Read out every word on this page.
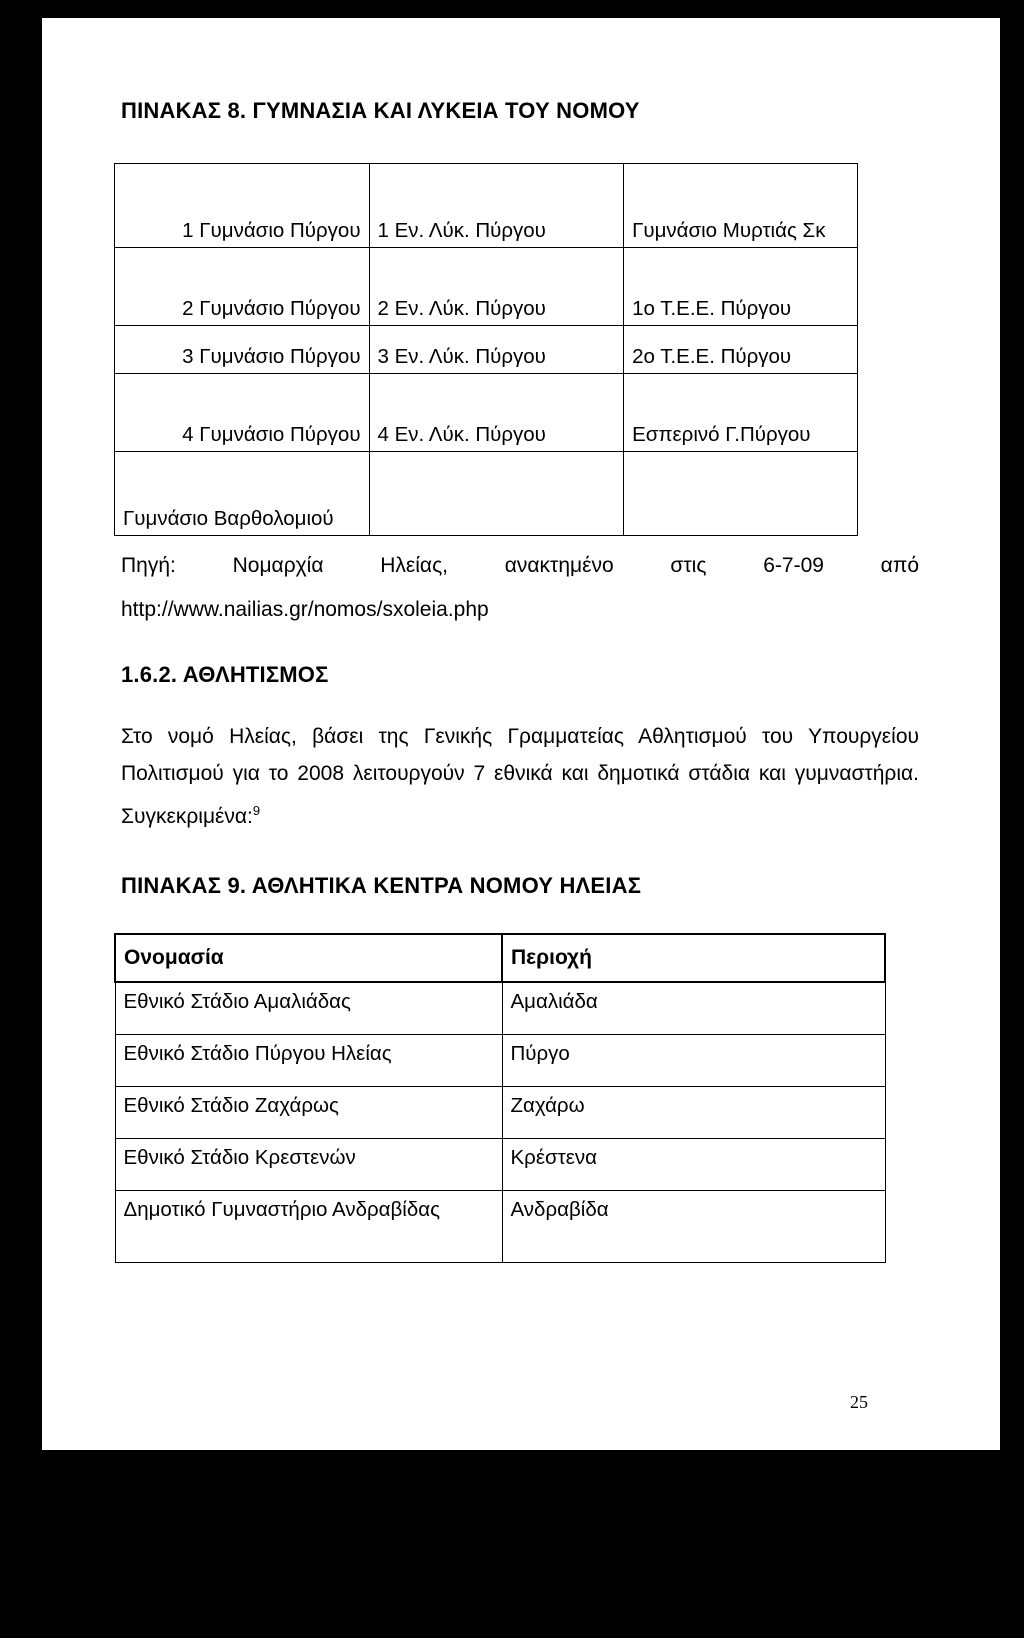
ΠΙΝΑΚΑΣ 8. ΓΥΜΝΑΣΙΑ ΚΑΙ ΛΥΚΕΙΑ ΤΟΥ ΝΟΜΟΥ
1 Γυμνάσιο Πύργου	1 Εν. Λύκ. Πύργου	Γυμνάσιο Μυρτιάς Σκ
2 Γυμνάσιο Πύργου	2 Εν. Λύκ. Πύργου	1ο Τ.Ε.Ε. Πύργου
3 Γυμνάσιο Πύργου	3 Εν. Λύκ. Πύργου	2ο Τ.Ε.Ε. Πύργου
4 Γυμνάσιο Πύργου	4 Εν. Λύκ. Πύργου	Εσπερινό Γ.Πύργου
Γυμνάσιο Βαρθολομιού		
Πηγή: Νομαρχία Ηλείας, ανακτημένο στις 6-7-09 από
http://www.nailias.gr/nomos/sxoleia.php
1.6.2. ΑΘΛΗΤΙΣΜΟΣ
Στο νομό Ηλείας, βάσει της Γενικής Γραμματείας Αθλητισμού του Υπουργείου Πολιτισμού για το 2008 λειτουργούν 7 εθνικά και δημοτικά στάδια και γυμναστήρια. Συγκεκριμένα:$^9$
ΠΙΝΑΚΑΣ 9. ΑΘΛΗΤΙΚΑ ΚΕΝΤΡΑ ΝΟΜΟΥ ΗΛΕΙΑΣ
Ονομασία	Περιοχή
Εθνικό Στάδιο Αμαλιάδας	Αμαλιάδα
Εθνικό Στάδιο Πύργου Ηλείας	Πύργο
Εθνικό Στάδιο Ζαχάρως	Ζαχάρω
Εθνικό Στάδιο Κρεστενών	Κρέστενα
Δημοτικό Γυμναστήριο Ανδραβίδας	Ανδραβίδα
$^9$ Γενική Γραμματεία Αθλητισμού Υπουργείου Πολιτισμού
25
